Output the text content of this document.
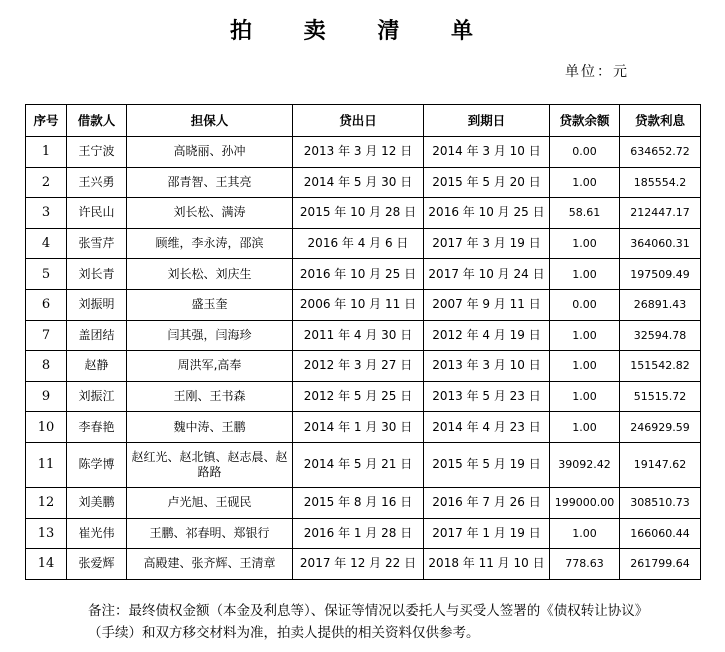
拍 卖 清 单
单位：元
序号	借款人	担保人	贷出日	到期日	贷款余额	贷款利息
1	王宁波	高晓丽、孙冲	2013 年 3 月 12 日	2014 年 3 月 10 日	0.00	634652.72
2	王兴勇	邵青智、王其亮	2014 年 5 月 30 日	2015 年 5 月 20 日	1.00	185554.2
3	许民山	刘长松、满涛	2015 年 10 月 28 日	2016 年 10 月 25 日	58.61	212447.17
4	张雪芹	顾维，李永涛，邵滨	2016 年 4 月 6 日	2017 年 3 月 19 日	1.00	364060.31
5	刘长青	刘长松、刘庆生	2016 年 10 月 25 日	2017 年 10 月 24 日	1.00	197509.49
6	刘振明	盛玉奎	2006 年 10 月 11 日	2007 年 9 月 11 日	0.00	26891.43
7	盖团结	闫其强，闫海珍	2011 年 4 月 30 日	2012 年 4 月 19 日	1.00	32594.78
8	赵静	周洪军,高奉	2012 年 3 月 27 日	2013 年 3 月 10 日	1.00	151542.82
9	刘振江	王刚、王书森	2012 年 5 月 25 日	2013 年 5 月 23 日	1.00	51515.72
10	李春艳	魏中涛、王鹏	2014 年 1 月 30 日	2014 年 4 月 23 日	1.00	246929.59
11	陈学博	赵红光、赵北镇、赵志晨、赵路路	2014 年 5 月 21 日	2015 年 5 月 19 日	39092.42	19147.62
12	刘美鹏	卢光旭、王砚民	2015 年 8 月 16 日	2016 年 7 月 26 日	199000.00	308510.73
13	崔光伟	王鹏、祁春明、郑银行	2016 年 1 月 28 日	2017 年 1 月 19 日	1.00	166060.44
14	张爱辉	高殿建、张齐辉、王清章	2017 年 12 月 22 日	2018 年 11 月 10 日	778.63	261799.64
备注：最终债权金额（本金及利息等）、保证等情况以委托人与买受人签署的《债权转让协议》（手续）和双方移交材料为准，拍卖人提供的相关资料仅供参考。
